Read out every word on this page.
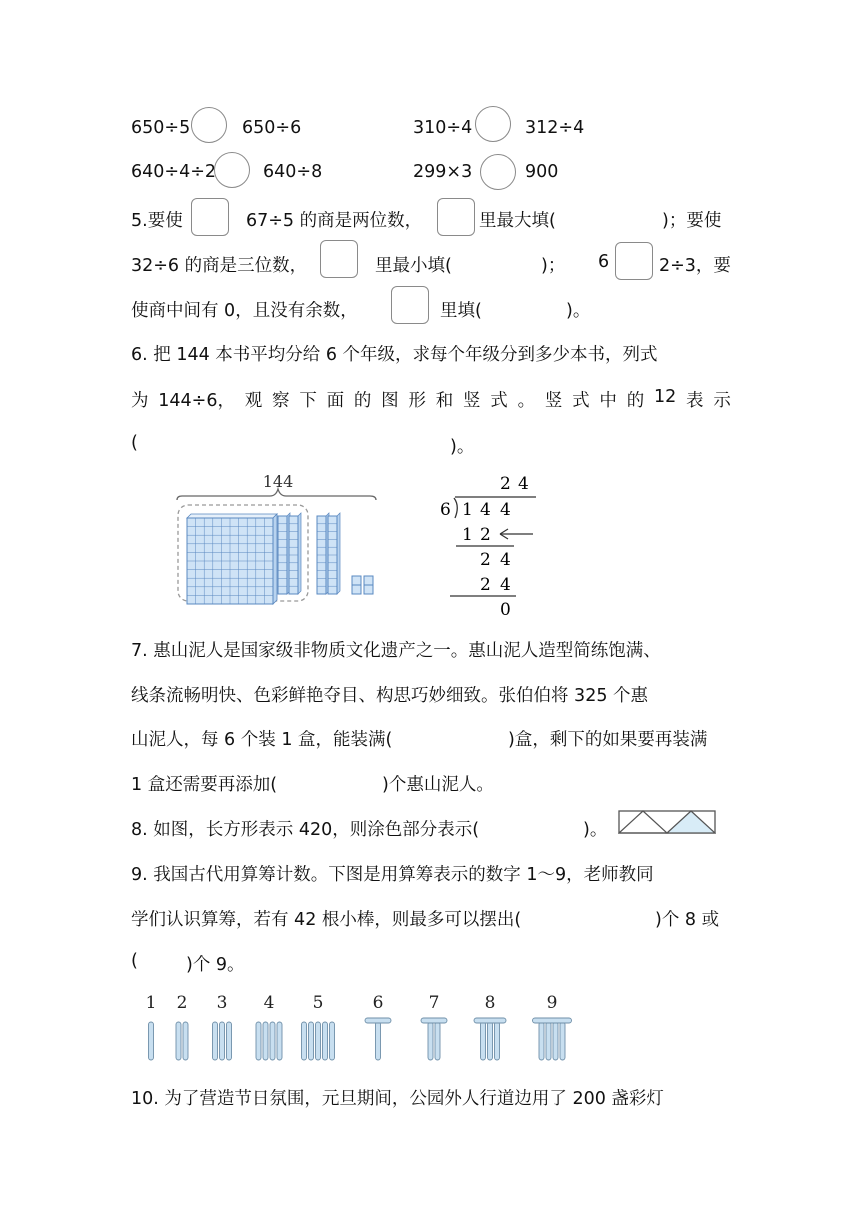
650÷5	650÷6	310÷4	312÷4
640÷4÷2	640÷8	299×3	900
5.要使	67÷5 的商是两位数，	里最大填(	)；要使
32÷6 的商是三位数，	里最小填(	)； 6	2÷3，要
使商中间有 0，且没有余数，	里填(	)。
6. 把 144 本书平均分给 6 个年级，求每个年级分到多少本书，列式
为 144÷6， 观 察 下 面 的 图 形 和 竖 式 。 竖 式 中 的 12 表 示
(	)。
144	2 4
6 1 4 4
1 2
2 4
2 4
0
7. 惠山泥人是国家级非物质文化遗产之一。惠山泥人造型简练饱满、
线条流畅明快、色彩鲜艳夺目、构思巧妙细致。张伯伯将 325 个惠
山泥人，每 6 个装 1 盒，能装满(	)盒，剩下的如果要再装满
1 盒还需要再添加(	)个惠山泥人。
8. 如图，长方形表示 420，则涂色部分表示(	)。
9. 我国古代用算筹计数。下图是用算筹表示的数字 1～9，老师教同
学们认识算筹，若有 42 根小棒，则最多可以摆出(	)个 8 或
(	)个 9。
1 2 3 4 5	6	7	8	9
10. 为了营造节日氛围，元旦期间，公园外人行道边用了 200 盏彩灯
